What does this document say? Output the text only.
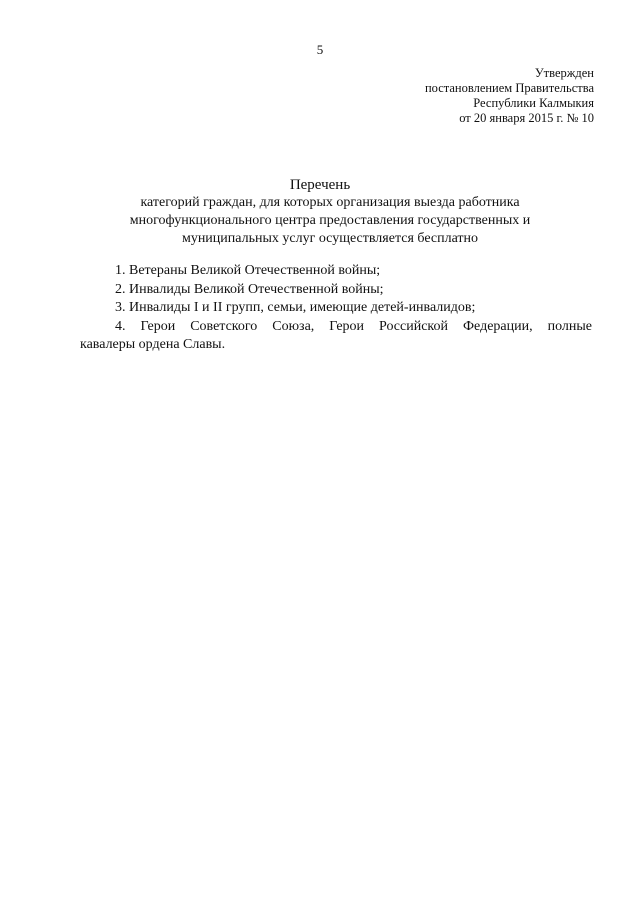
5
Утвержден
постановлением Правительства
Республики Калмыкия
от 20 января 2015 г. № 10
Перечень
категорий граждан, для которых организация выезда работника
многофункционального центра предоставления государственных и
муниципальных услуг осуществляется бесплатно

1. Ветераны Великой Отечественной войны;

2. Инвалиды Великой Отечественной войны;

3. Инвалиды I и II групп, семьи, имеющие детей-инвалидов;

4. Герои Советского Союза, Герои Российской Федерации, полные
кавалеры ордена Славы.
